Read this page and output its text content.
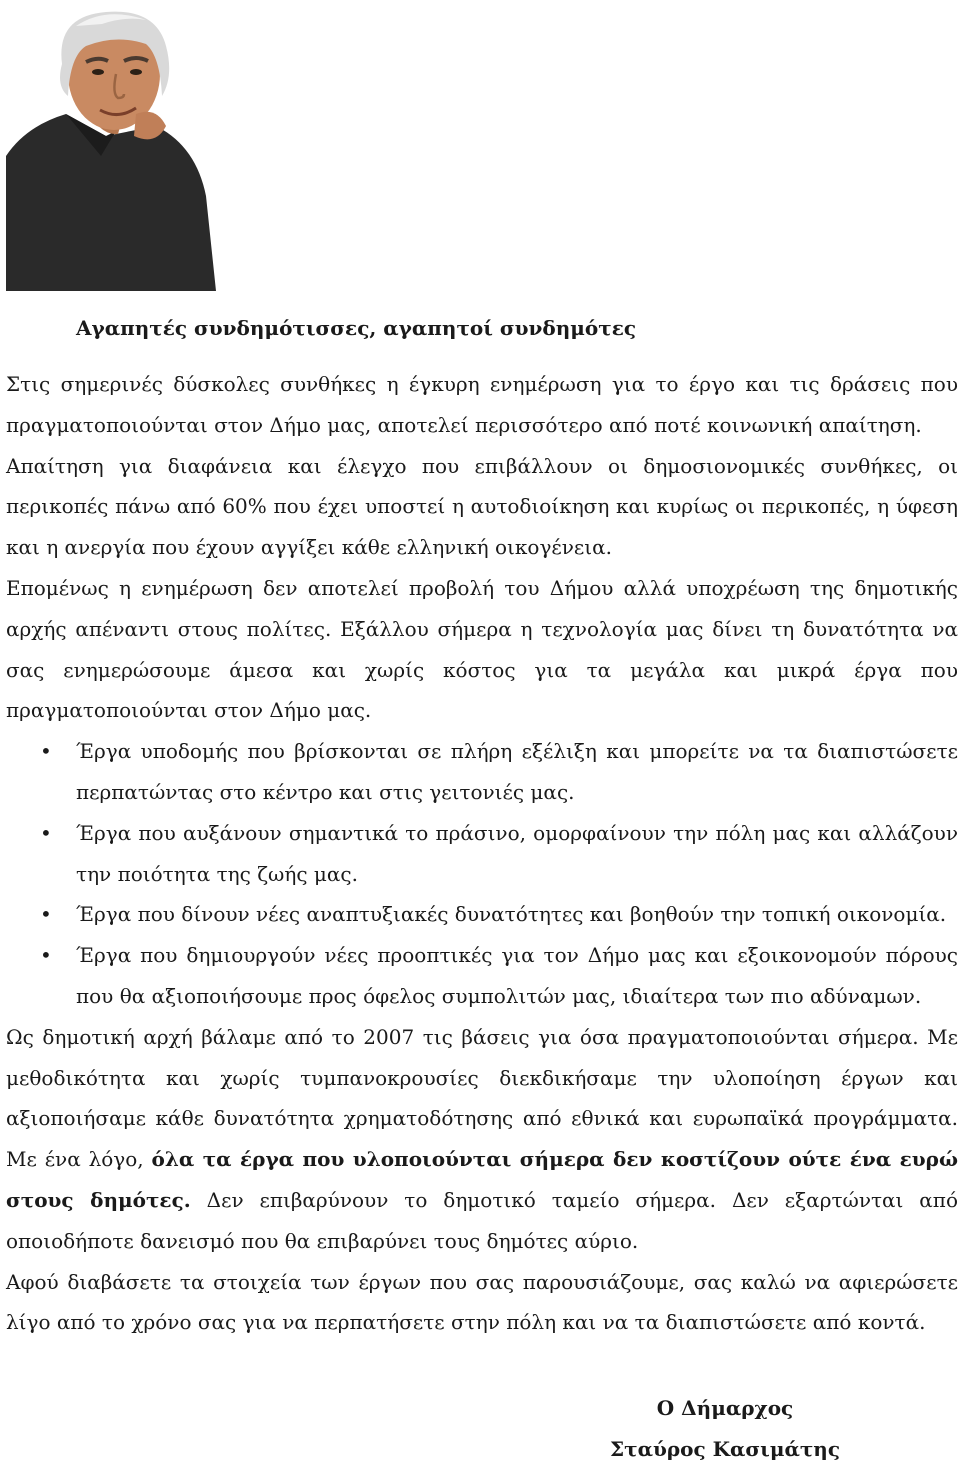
Αγαπητές συνδημότισσες, αγαπητοί συνδημότες

Στις σημερινές δύσκολες συνθήκες η έγκυρη ενημέρωση για το έργο και τις δράσεις που πραγματοποιούνται στον Δήμο μας, αποτελεί περισσότερο από ποτέ κοινωνική απαίτηση.

Απαίτηση για διαφάνεια και έλεγχο που επιβάλλουν οι δημοσιονομικές συνθήκες, οι περικοπές πάνω από 60% που έχει υποστεί η αυτοδιοίκηση και κυρίως οι περικοπές, η ύφεση και η ανεργία που έχουν αγγίξει κάθε ελληνική οικογένεια.

Επομένως η ενημέρωση δεν αποτελεί προβολή του Δήμου αλλά υποχρέωση της δημοτικής αρχής απέναντι στους πολίτες. Εξάλλου σήμερα η τεχνολογία μας δίνει τη δυνατότητα να σας ενημερώσουμε άμεσα και χωρίς κόστος για τα μεγάλα και μικρά έργα που πραγματοποιούνται στον Δήμο μας.

• Έργα υποδομής που βρίσκονται σε πλήρη εξέλιξη και μπορείτε να τα διαπιστώσετε περπατώντας στο κέντρο και στις γειτονιές μας.
• Έργα που αυξάνουν σημαντικά το πράσινο, ομορφαίνουν την πόλη μας και αλλάζουν την ποιότητα της ζωής μας.
• Έργα που δίνουν νέες αναπτυξιακές δυνατότητες και βοηθούν την τοπική οικονομία.
• Έργα που δημιουργούν νέες προοπτικές για τον Δήμο μας και εξοικονομούν πόρους που θα αξιοποιήσουμε προς όφελος συμπολιτών μας, ιδιαίτερα των πιο αδύναμων.

Ως δημοτική αρχή βάλαμε από το 2007 τις βάσεις για όσα πραγματοποιούνται σήμερα. Με μεθοδικότητα και χωρίς τυμπανοκρουσίες διεκδικήσαμε την υλοποίηση έργων και αξιοποιήσαμε κάθε δυνατότητα χρηματοδότησης από εθνικά και ευρωπαϊκά προγράμματα. Με ένα λόγο, όλα τα έργα που υλοποιούνται σήμερα δεν κοστίζουν ούτε ένα ευρώ στους δημότες. Δεν επιβαρύνουν το δημοτικό ταμείο σήμερα. Δεν εξαρτώνται από οποιοδήποτε δανεισμό που θα επιβαρύνει τους δημότες αύριο.

Αφού διαβάσετε τα στοιχεία των έργων που σας παρουσιάζουμε, σας καλώ να αφιερώσετε λίγο από το χρόνο σας για να περπατήσετε στην πόλη και να τα διαπιστώσετε από κοντά.

Ο Δήμαρχος
Σταύρος Κασιμάτης
